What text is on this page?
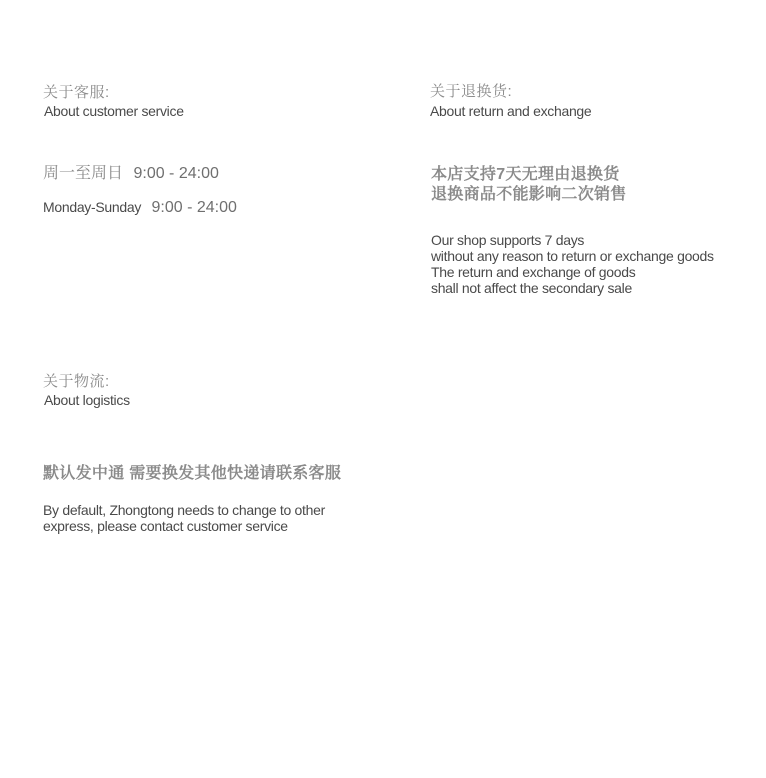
关于客服:
About customer service
周一至周日 9:00 - 24:00
Monday-Sunday 9:00 - 24:00
关于退换货:
About return and exchange
本店支持7天无理由退换货
退换商品不能影响二次销售
Our shop supports 7 days
without any reason to return or exchange goods
The return and exchange of goods
shall not affect the secondary sale
关于物流:
About logistics
默认发中通 需要换发其他快递请联系客服
By default, Zhongtong needs to change to other
express, please contact customer service
